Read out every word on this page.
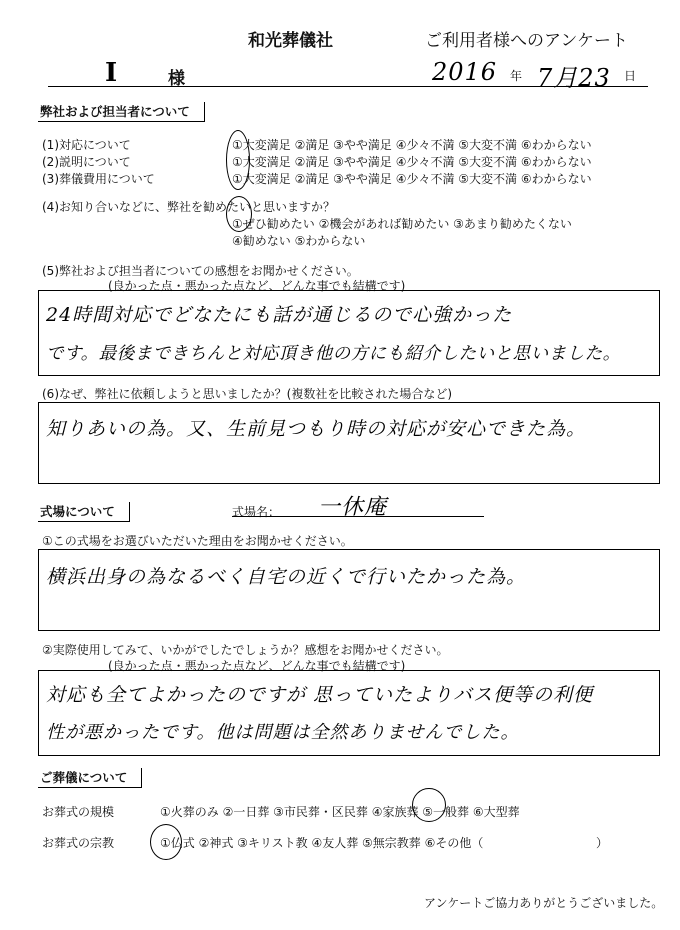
和光葬儀社	ご利用者様へのアンケート
I	様	2016 年 7月23 日
弊社および担当者について
(1)対応について	①大変満足 ②満足 ③やや満足 ④少々不満 ⑤大変不満 ⑥わからない
(2)説明について	①大変満足 ②満足 ③やや満足 ④少々不満 ⑤大変不満 ⑥わからない
(3)葬儀費用について	①大変満足 ②満足 ③やや満足 ④少々不満 ⑤大変不満 ⑥わからない
(4)お知り合いなどに、弊社を勧めたいと思いますか？
①ぜひ勧めたい ②機会があれば勧めたい ③あまり勧めたくない
④勧めない ⑤わからない
(5)弊社および担当者についての感想をお聞かせください。
(良かった点・悪かった点など、どんな事でも結構です)
24時間対応でどなたにも話が通じるので心強かった
です。最後まできちんと対応頂き他の方にも紹介したいと思いました。
(6)なぜ、弊社に依頼しようと思いましたか？(複数社を比較された場合など)
知りあいの為。又、生前見つもり時の対応が安心できた為。
式場について	式場名： 一休庵
①この式場をお選びいただいた理由をお聞かせください。
横浜出身の為なるべく自宅の近くで行いたかった為。
②実際使用してみて、いかがでしたでしょうか？感想をお聞かせください。
(良かった点・悪かった点など、どんな事でも結構です)
対応も全てよかったのですが 思っていたよりバス便等の利便
性が悪かったです。他は問題は全然ありませんでした。
ご葬儀について
お葬式の規模	①火葬のみ ②一日葬 ③市民葬・区民葬 ④家族葬 ⑤一般葬 ⑥大型葬
お葬式の宗教	①仏式 ②神式 ③キリスト教 ④友人葬 ⑤無宗教葬 ⑥その他（	）
アンケートご協力ありがとうございました。
